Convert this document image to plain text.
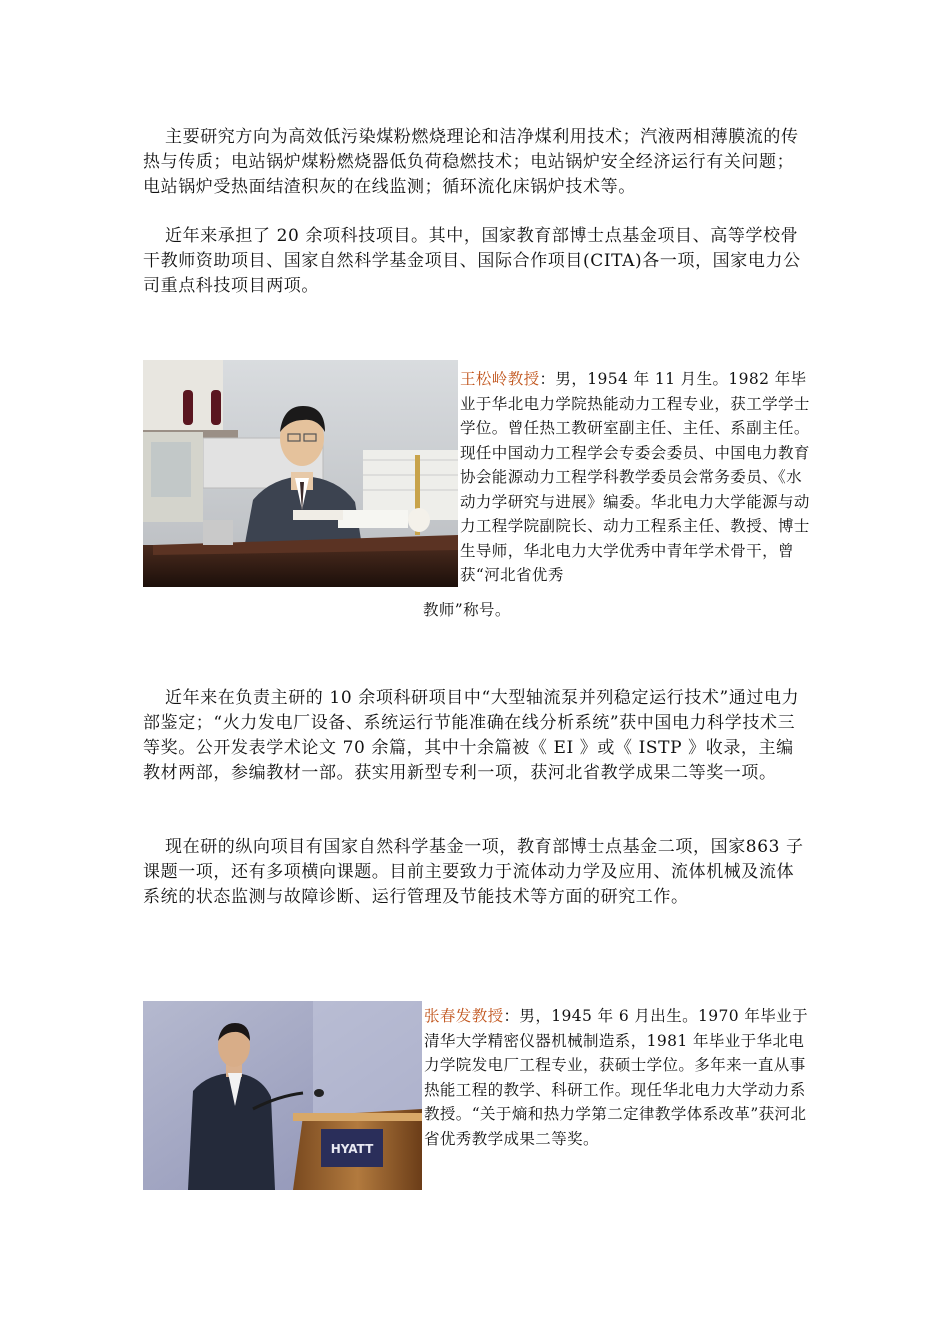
主要研究方向为高效低污染煤粉燃烧理论和洁净煤利用技术；汽液两相薄膜流的传热与传质；电站锅炉煤粉燃烧器低负荷稳燃技术；电站锅炉安全经济运行有关问题；电站锅炉受热面结渣积灰的在线监测；循环流化床锅炉技术等。

近年来承担了 20 余项科技项目。其中，国家教育部博士点基金项目、高等学校骨干教师资助项目、国家自然科学基金项目、国际合作项目(CITA)各一项，国家电力公司重点科技项目两项。

王松岭教授：男，1954 年 11 月生。1982 年毕业于华北电力学院热能动力工程专业，获工学学士学位。曾任热工教研室副主任、主任、系副主任。现任中国动力工程学会专委会委员、中国电力教育协会能源动力工程学科教学委员会常务委员、《水动力学研究与进展》编委。华北电力大学能源与动力工程学院副院长、动力工程系主任、教授、博士生导师，华北电力大学优秀中青年学术骨干，曾获“河北省优秀

教师”称号。

近年来在负责主研的 10 余项科研项目中“大型轴流泵并列稳定运行技术”通过电力部鉴定；“火力发电厂设备、系统运行节能准确在线分析系统”获中国电力科学技术三等奖。公开发表学术论文 70 余篇，其中十余篇被《 EI 》或《 ISTP 》收录，主编教材两部，参编教材一部。获实用新型专利一项，获河北省教学成果二等奖一项。

现在研的纵向项目有国家自然科学基金一项，教育部博士点基金二项，国家863 子课题一项，还有多项横向课题。目前主要致力于流体动力学及应用、流体机械及流体系统的状态监测与故障诊断、运行管理及节能技术等方面的研究工作。

HYATT

张春发教授：男，1945 年 6 月出生。1970 年毕业于清华大学精密仪器机械制造系，1981 年毕业于华北电力学院发电厂工程专业，获硕士学位。多年来一直从事热能工程的教学、科研工作。现任华北电力大学动力系教授。“关于熵和热力学第二定律教学体系改革”获河北省优秀教学成果二等奖。
